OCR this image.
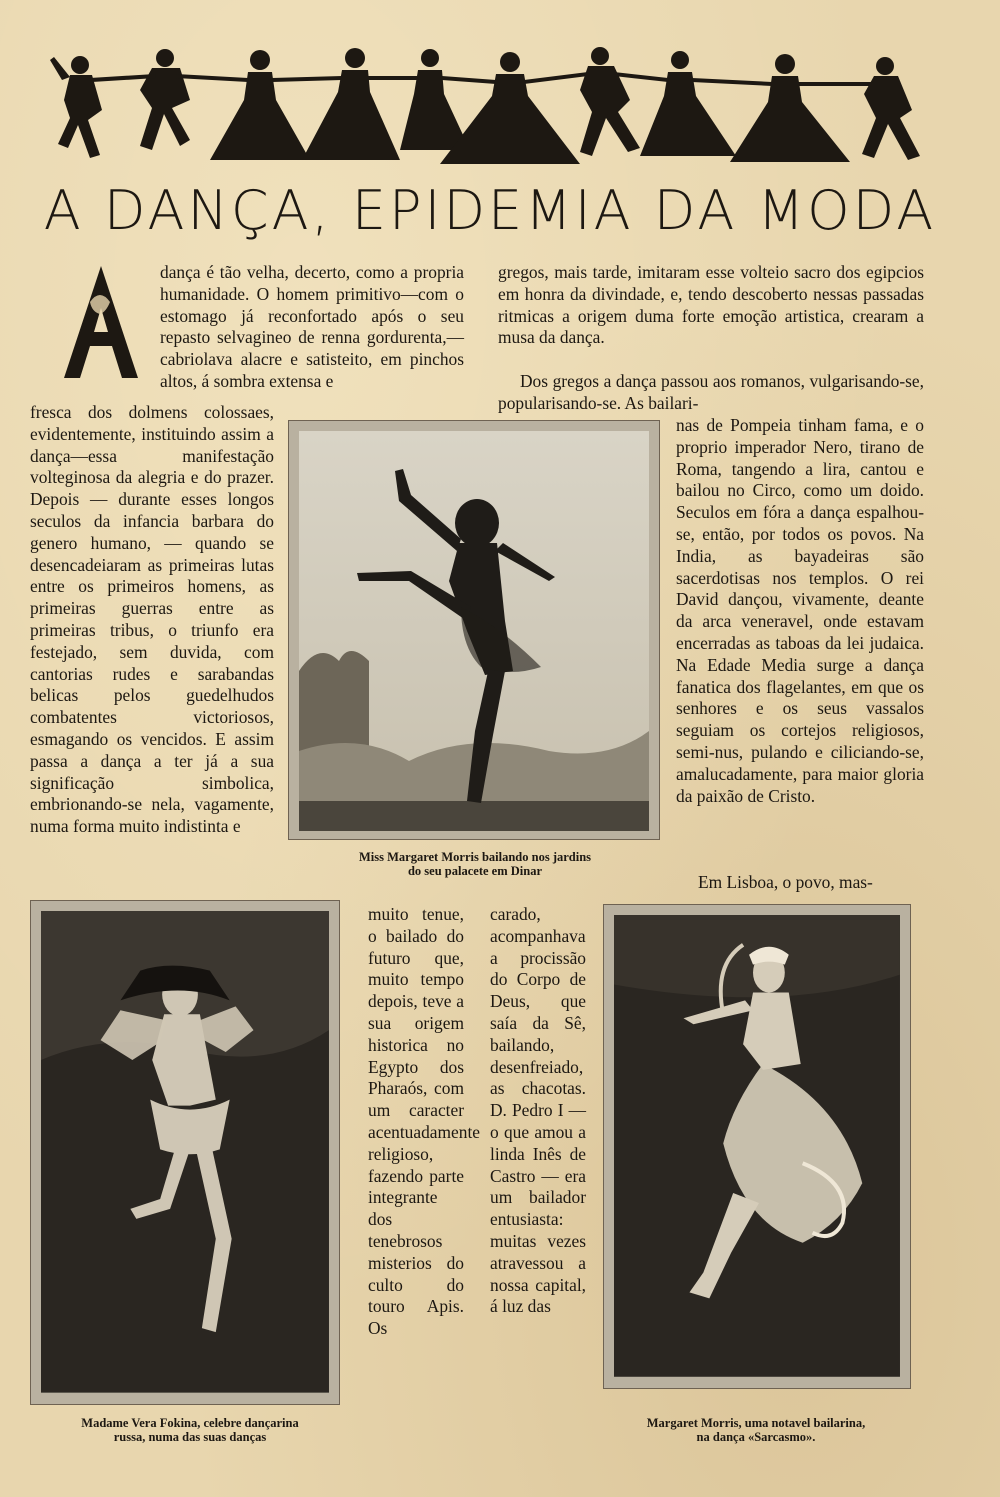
A DANÇA, EPIDEMIA DA MODA
A

dança é tão velha, decerto, como a propria humanidade. O homem primitivo—com o estomago já reconfortado após o seu repasto selvagineo de renna gordurenta,—cabriolava alacre e satisteito, em pinchos altos, á sombra extensa e

fresca dos dolmens colossaes, evidentemente, instituindo assim a dança—essa manifestação volteginosa da alegria e do prazer. Depois — durante esses longos seculos da infancia barbara do genero humano, — quando se desencadeiaram as primeiras lutas entre os primeiros homens, as primeiras guerras entre as primeiras tribus, o triunfo era festejado, sem duvida, com cantorias rudes e sarabandas belicas pelos guedelhudos combatentes victoriosos, esmagando os vencidos. E assim passa a dança a ter já a sua significação simbolica, embrionando-se nela, vagamente, numa forma muito indistinta e

Miss Margaret Morris bailando nos jardins
do seu palacete em Dinar

gregos, mais tarde, imitaram esse volteio sacro dos egipcios em honra da divindade, e, tendo descoberto nessas passadas ritmicas a origem duma forte emoção artistica, crearam a musa da dança.

Dos gregos a dança passou aos romanos, vulgarisando-se, popularisando-se. As bailari-

nas de Pompeia tinham fama, e o proprio imperador Nero, tirano de Roma, tangendo a lira, cantou e bailou no Circo, como um doido. Seculos em fóra a dança espalhou-se, então, por todos os povos. Na India, as bayadeiras são sacerdotisas nos templos. O rei David dançou, vivamente, deante da arca veneravel, onde estavam encerradas as taboas da lei judaica. Na Edade Media surge a dança fanatica dos flagelantes, em que os senhores e os seus vassalos seguiam os cortejos religiosos, semi-nus, pulando e ciliciando-se, amalucadamente, para maior gloria da paixão de Cristo.

Em Lisboa, o povo, mas-

Madame Vera Fokina, celebre dançarina
russa, numa das suas danças

muito tenue, o bailado do futuro que, muito tempo depois, teve a sua origem historica no Egypto dos Pharaós, com um caracter acentuadamente religioso, fazendo parte integrante dos tenebrosos misterios do culto do touro Apis. Os

carado, acompanhava a procissão do Corpo de Deus, que saía da Sê, bailando, desenfreiado, as chacotas. D. Pedro I — o que amou a linda Inês de Castro — era um bailador entusiasta: muitas vezes atravessou a nossa capital, á luz das

Margaret Morris, uma notavel bailarina,
na dança «Sarcasmo».
